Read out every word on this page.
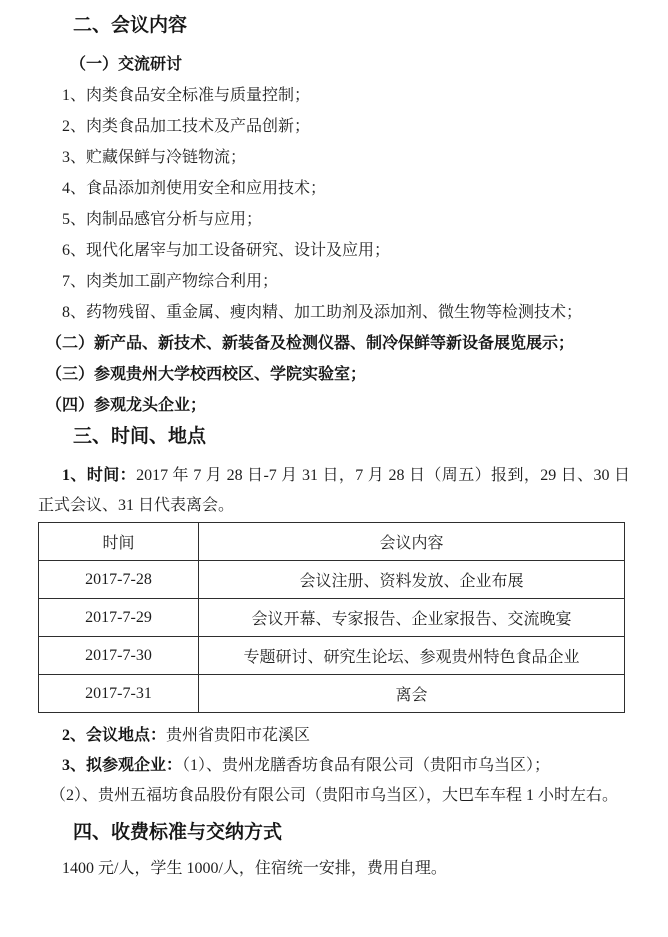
二、会议内容

（一）交流研讨

1、肉类食品安全标准与质量控制；

2、肉类食品加工技术及产品创新；

3、贮藏保鲜与冷链物流；

4、食品添加剂使用安全和应用技术；

5、肉制品感官分析与应用；

6、现代化屠宰与加工设备研究、设计及应用；

7、肉类加工副产物综合利用；

8、药物残留、重金属、瘦肉精、加工助剂及添加剂、微生物等检测技术；

（二）新产品、新技术、新装备及检测仪器、制冷保鲜等新设备展览展示；

（三）参观贵州大学校西校区、学院实验室；

（四）参观龙头企业；

三、时间、地点

1、时间：2017 年 7 月 28 日-7 月 31 日，7 月 28 日（周五）报到，29 日、30 日正式会议、31 日代表离会。

时间	会议内容
2017-7-28	会议注册、资料发放、企业布展
2017-7-29	会议开幕、专家报告、企业家报告、交流晚宴
2017-7-30	专题研讨、研究生论坛、参观贵州特色食品企业
2017-7-31	离会

2、会议地点：贵州省贵阳市花溪区

3、拟参观企业：（1）、贵州龙膳香坊食品有限公司（贵阳市乌当区）；

（2）、贵州五福坊食品股份有限公司（贵阳市乌当区），大巴车车程 1 小时左右。

四、收费标准与交纳方式

1400 元/人，学生 1000/人，住宿统一安排，费用自理。
